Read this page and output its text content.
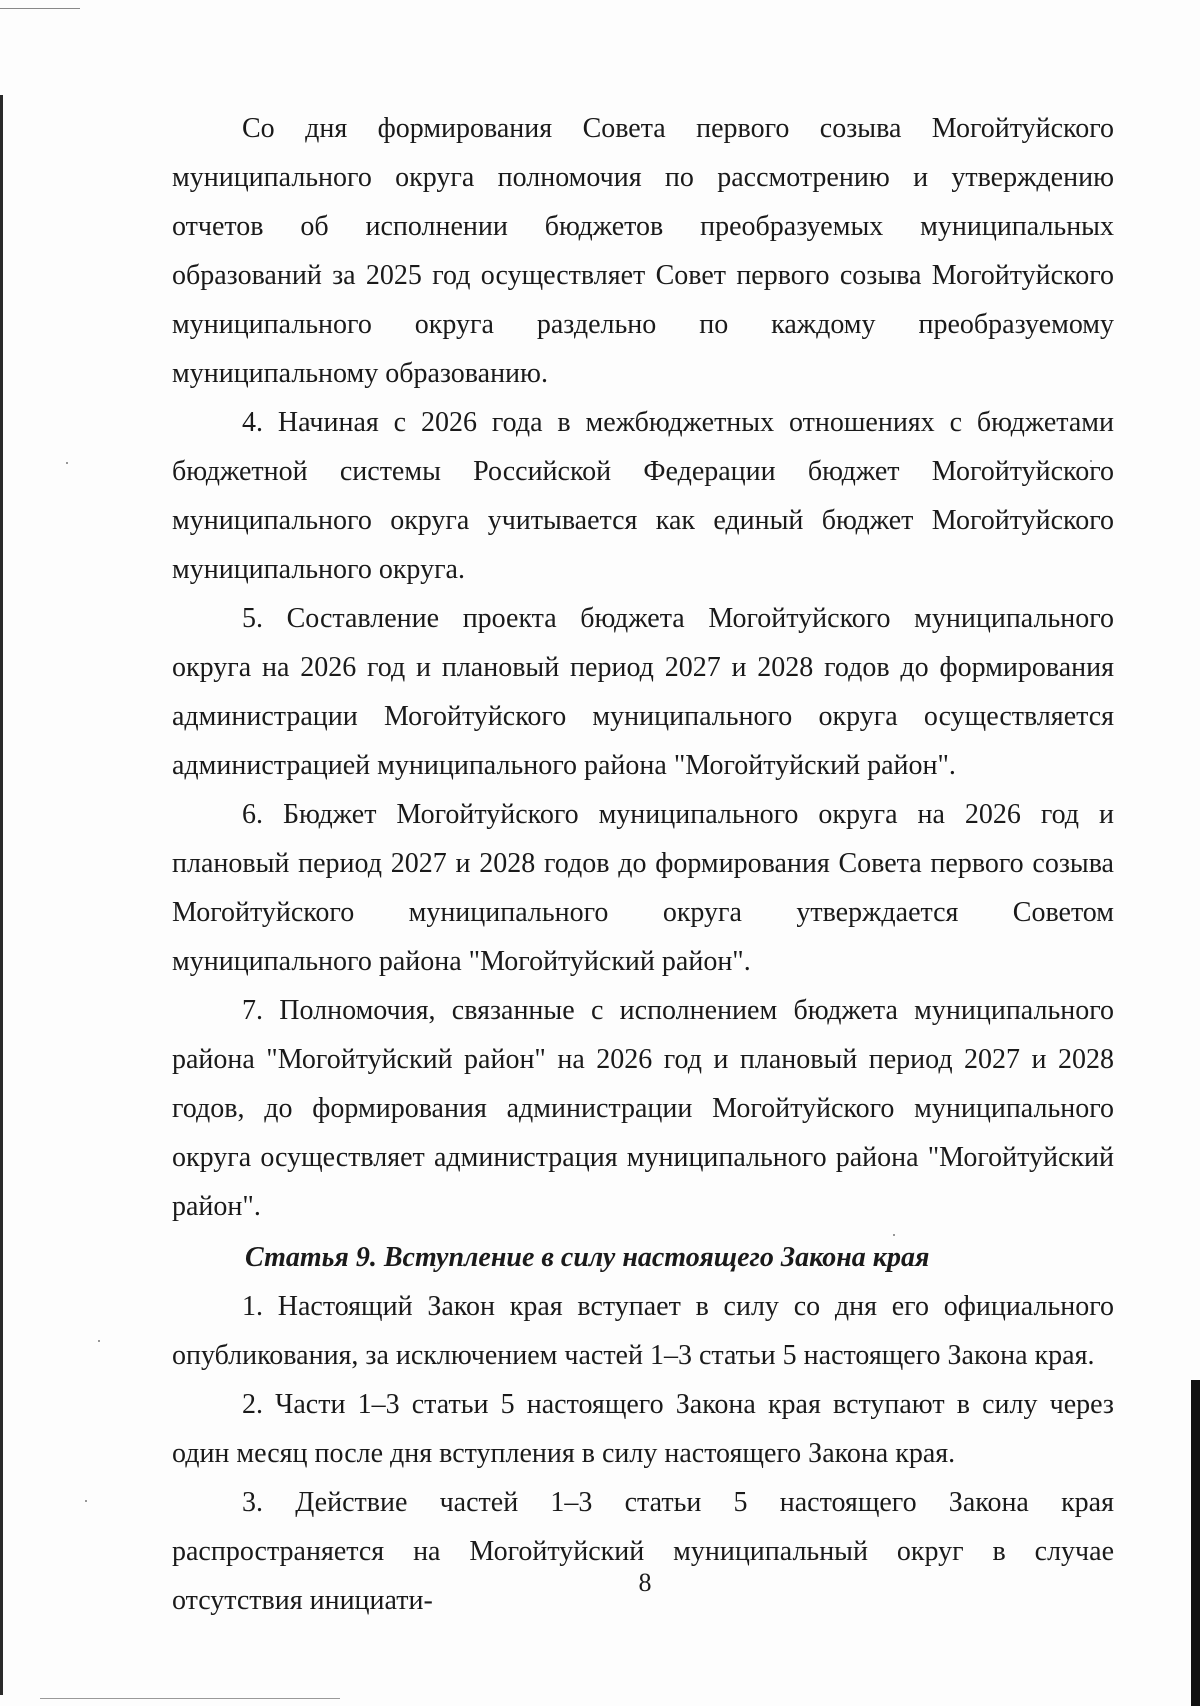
Со дня формирования Совета первого созыва Могойтуйского муниципального округа полномочия по рассмотрению и утверждению отчетов об исполнении бюджетов преобразуемых муниципальных образований за 2025 год осуществляет Совет первого созыва Могойтуйского муниципального округа раздельно по каждому преобразуемому муниципальному образованию.

4. Начиная с 2026 года в межбюджетных отношениях с бюджетами бюджетной системы Российской Федерации бюджет Могойтуйского муниципального округа учитывается как единый бюджет Могойтуйского муниципального округа.

5. Составление проекта бюджета Могойтуйского муниципального округа на 2026 год и плановый период 2027 и 2028 годов до формирования администрации Могойтуйского муниципального округа осуществляется администрацией муниципального района "Могойтуйский район".

6. Бюджет Могойтуйского муниципального округа на 2026 год и плановый период 2027 и 2028 годов до формирования Совета первого созыва Могойтуйского муниципального округа утверждается Советом муниципального района "Могойтуйский район".

7. Полномочия, связанные с исполнением бюджета муниципального района "Могойтуйский район" на 2026 год и плановый период 2027 и 2028 годов, до формирования администрации Могойтуйского муниципального округа осуществляет администрация муниципального района "Могойтуйский район".

Статья 9. Вступление в силу настоящего Закона края

1. Настоящий Закон края вступает в силу со дня его официального опубликования, за исключением частей 1–3 статьи 5 настоящего Закона края.

2. Части 1–3 статьи 5 настоящего Закона края вступают в силу через один месяц после дня вступления в силу настоящего Закона края.

3. Действие частей 1–3 статьи 5 настоящего Закона края распространяется на Могойтуйский муниципальный округ в случае отсутствия инициати-

8
